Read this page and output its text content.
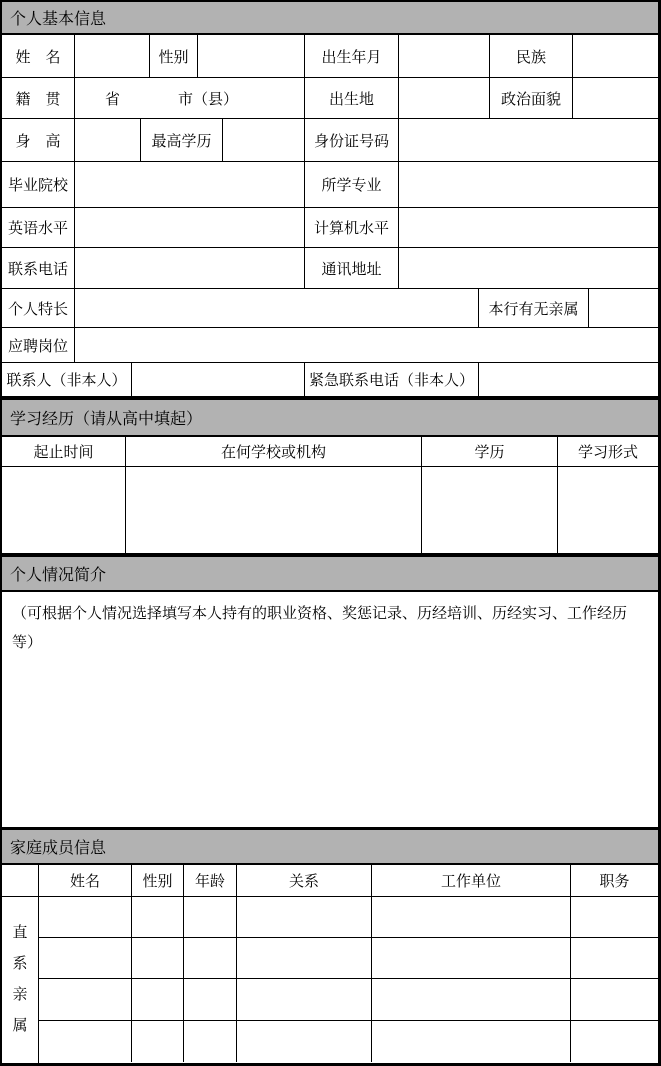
个人基本信息
姓　名	性别	出生年月	民族
籍　贯	省	市（县）	出生地	政治面貌
身　高	最高学历	身份证号码
毕业院校	所学专业
英语水平	计算机水平
联系电话	通讯地址
个人特长	本行有无亲属
应聘岗位
联系人（非本人）	紧急联系电话（非本人）
学习经历（请从高中填起）
起止时间	在何学校或机构	学历	学习形式
个人情况简介
（可根据个人情况选择填写本人持有的职业资格、奖惩记录、历经培训、历经实习、工作经历等）
家庭成员信息
姓名	性别	年龄	关系	工作单位	职务
直系亲属
